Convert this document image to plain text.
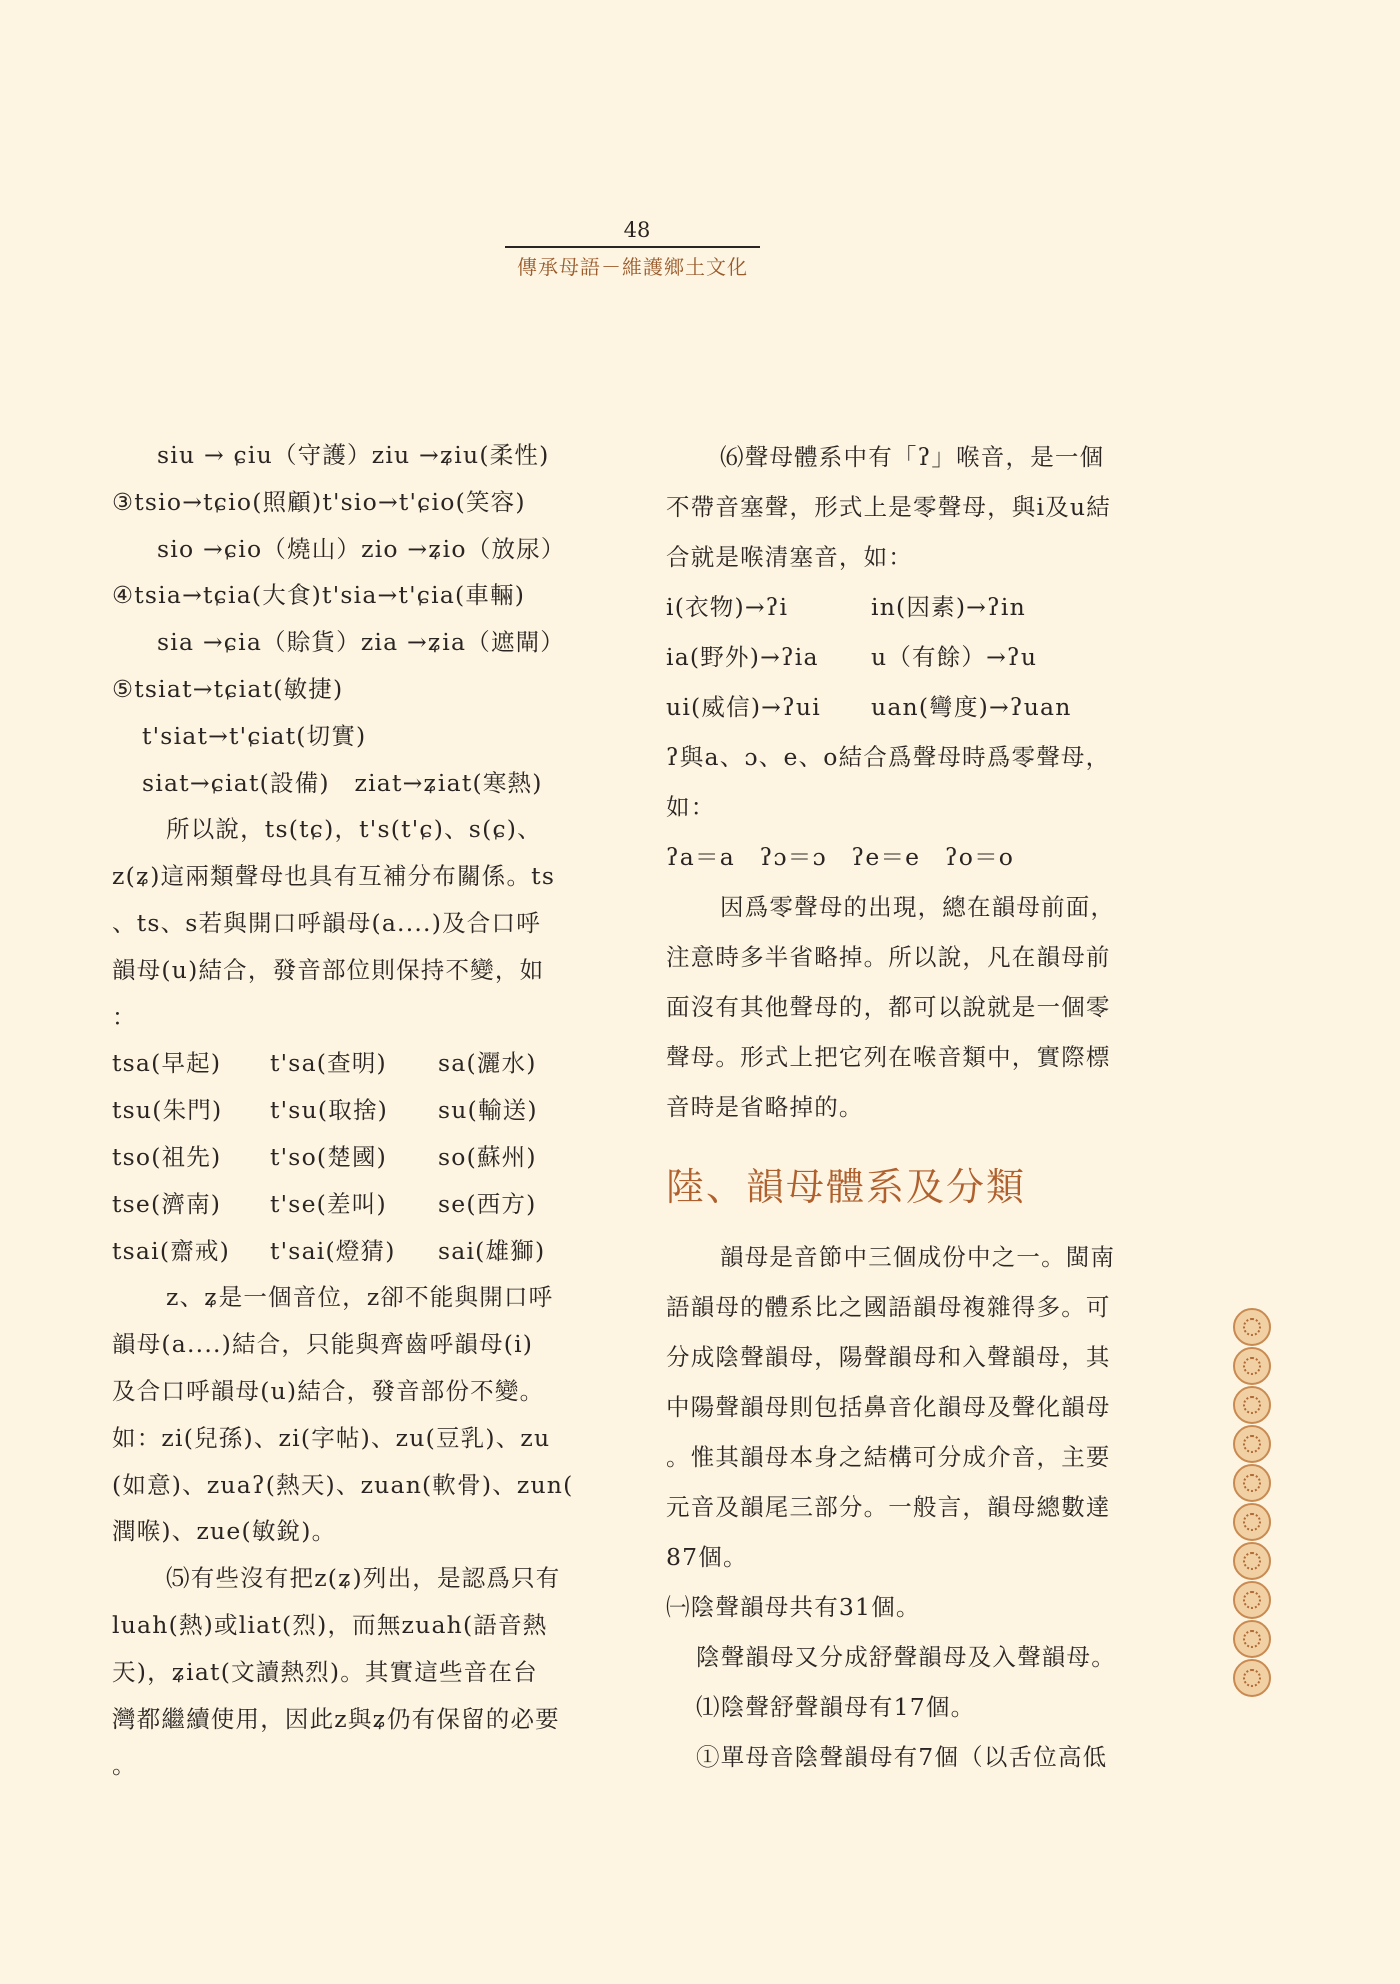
48
傳承母語－維護鄉土文化
siu → ɕiu（守護）ziu →ʑiu(柔性)
③tsio→tɕio(照顧)t'sio→t'ɕio(笑容)
sio →ɕio（燒山）zio →ʑio（放尿）
④tsia→tɕia(大食)t'sia→t'ɕia(車輛)
sia →ɕia（賒貨）zia →ʑia（遮閘）
⑤tsiat→tɕiat(敏捷)
t'siat→t'ɕiat(切實)
siat→ɕiat(設備)　ziat→ʑiat(寒熱)
所以說，ts(tɕ)，t's(t'ɕ)、s(ɕ)、
z(ʑ)這兩類聲母也具有互補分布關係。ts
、ts、s若與開口呼韻母(a....)及合口呼
韻母(u)結合，發音部位則保持不變，如
：
tsa(早起) t'sa(查明) sa(灑水)
tsu(朱門) t'su(取捨) su(輸送)
tso(祖先) t'so(楚國) so(蘇州)
tse(濟南) t'se(差叫) se(西方)
tsai(齋戒) t'sai(燈猜) sai(雄獅)
z、ʑ是一個音位，z卻不能與開口呼
韻母(a....)結合，只能與齊齒呼韻母(i)
及合口呼韻母(u)結合，發音部份不變。
如：zi(兒孫)、zi(字帖)、zu(豆乳)、zu
(如意)、zuaʔ(熱天)、zuan(軟骨)、zun(
潤喉)、zue(敏銳)。
⑸有些沒有把z(ʑ)列出，是認爲只有
luah(熱)或liat(烈)，而無zuah(語音熱
天)，ʑiat(文讀熱烈)。其實這些音在台
灣都繼續使用，因此z與ʑ仍有保留的必要
。
⑹聲母體系中有「ʔ」喉音，是一個
不帶音塞聲，形式上是零聲母，與i及u結
合就是喉清塞音，如：
i(衣物)→ʔi	in(因素)→ʔin
ia(野外)→ʔia u（有餘）→ʔu
ui(威信)→ʔui uan(彎度)→ʔuan
ʔ與a、ɔ、e、o結合爲聲母時爲零聲母，
如：
ʔa＝a　ʔɔ＝ɔ　ʔe＝e　ʔo＝o
因爲零聲母的出現，總在韻母前面，
注意時多半省略掉。所以說，凡在韻母前
面沒有其他聲母的，都可以說就是一個零
聲母。形式上把它列在喉音類中，實際標
音時是省略掉的。
陸、韻母體系及分類
韻母是音節中三個成份中之一。閩南
語韻母的體系比之國語韻母複雜得多。可
分成陰聲韻母，陽聲韻母和入聲韻母，其
中陽聲韻母則包括鼻音化韻母及聲化韻母
。惟其韻母本身之結構可分成介音，主要
元音及韻尾三部分。一般言，韻母總數達
87個。
㈠陰聲韻母共有31個。
陰聲韻母又分成舒聲韻母及入聲韻母。
⑴陰聲舒聲韻母有17個。
①單母音陰聲韻母有7個（以舌位高低
